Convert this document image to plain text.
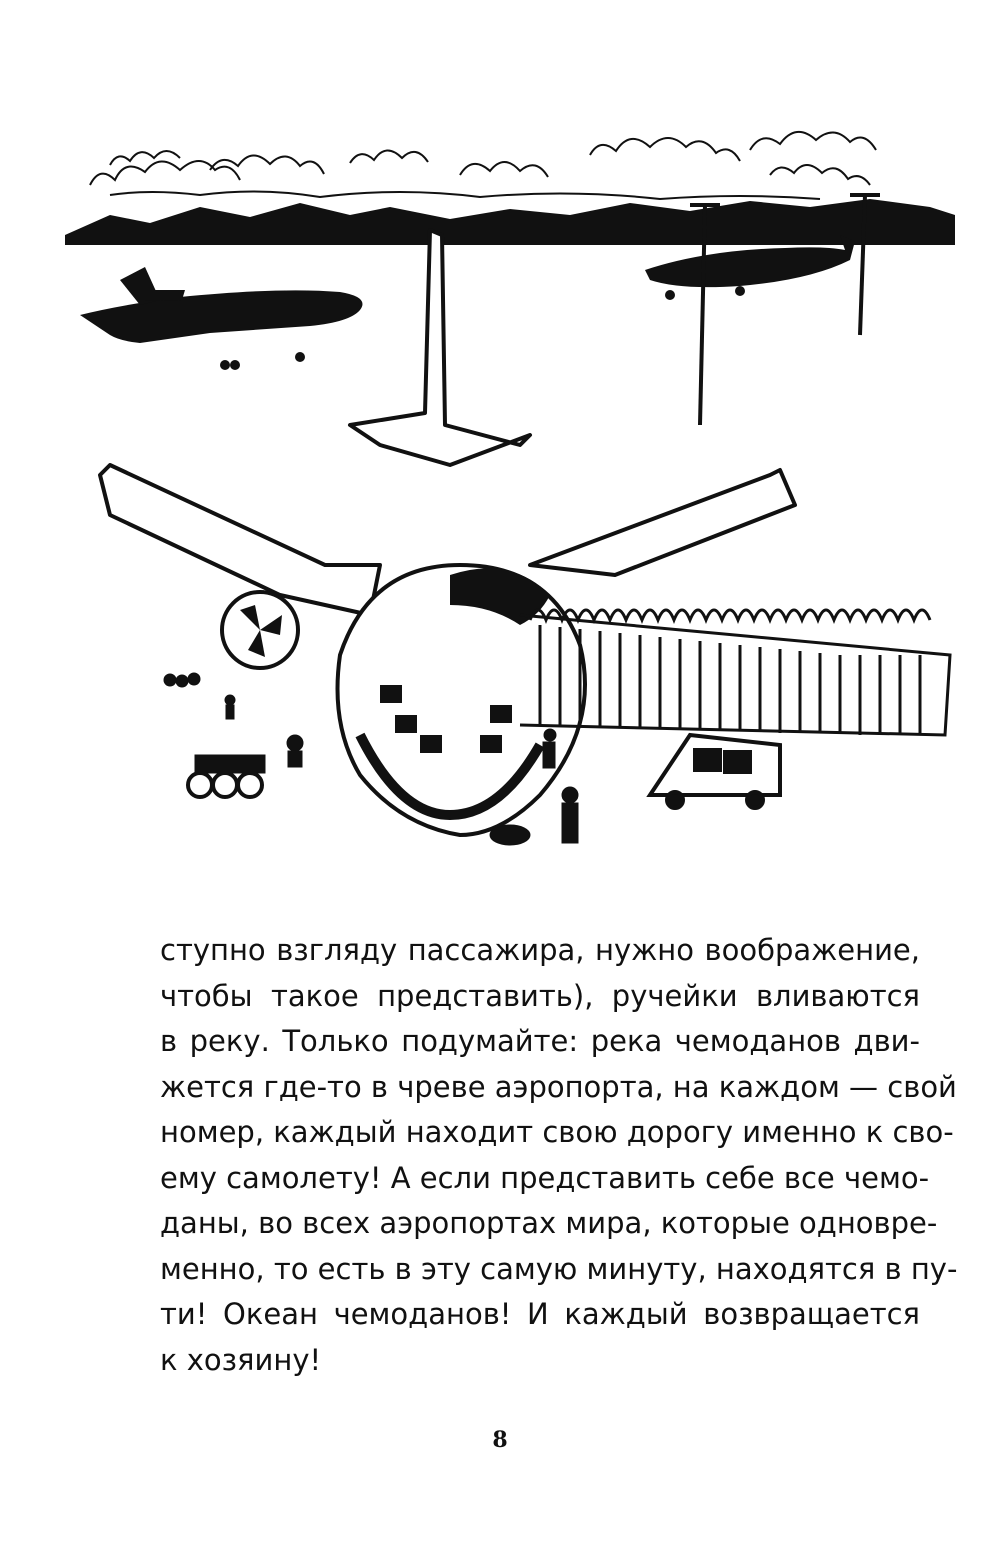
ступно взгляду пассажира, нужно воображение,
чтобы такое представить), ручейки вливаются
в реку. Только подумайте: река чемоданов дви-
жется где-то в чреве аэропорта, на каждом — свой
номер, каждый находит свою дорогу именно к сво-
ему самолету! А если представить себе все чемо-
даны, во всех аэропортах мира, которые одновре-
менно, то есть в эту самую минуту, находятся в пу-
ти! Океан чемоданов! И каждый возвращается
к хозяину!
8
